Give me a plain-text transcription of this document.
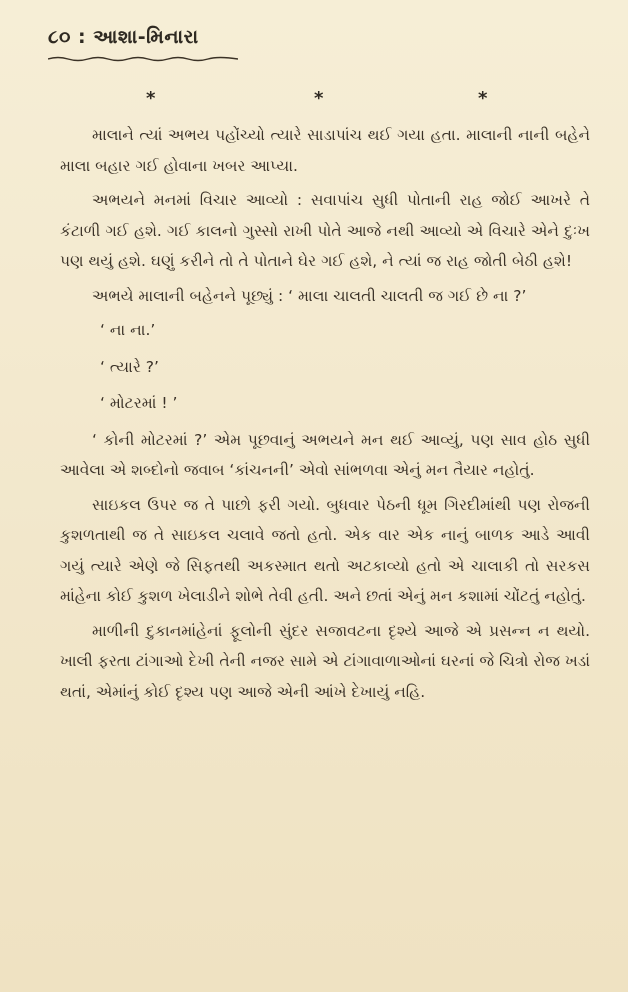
૮૦ : આશા-મિનારા
*	*	*

માલાને ત્યાં અભય પહોંચ્યો ત્યારે સાડાપાંચ થઈ ગયા હતા. માલાની નાની બહેને માલા બહાર ગઈ હોવાના ખબર આપ્યા.

અભયને મનમાં વિચાર આવ્યો : સવાપાંચ સુધી પોતાની રાહ જોઈ આખરે તે કંટાળી ગઈ હશે. ગઈ કાલનો ગુસ્સો રાખી પોતે આજે નથી આવ્યો એ વિચારે એને દુઃખ પણ થયું હશે. ઘણું કરીને તો તે પોતાને ઘેર ગઈ હશે, ને ત્યાં જ રાહ જોતી બેઠી હશે!

અભયે માલાની બહેનને પૂછ્યું : ‘ માલા ચાલતી ચાલતી જ ગઈ છે ના ?’

‘ ના ના.’

‘ ત્યારે ?’

‘ મોટરમાં ! ’

‘ કોની મોટરમાં ?’ એમ પૂછવાનું અભયને મન થઈ આવ્યું, પણ સાવ હોઠ સુધી આવેલા એ શબ્દોનો જવાબ ‘કાંચનની’ એવો સાંભળવા એનું મન તૈયાર નહોતું.

સાઇકલ ઉપર જ તે પાછો ફરી ગયો. બુધવાર પેઠની ધૂમ ગિરદીમાંથી પણ રોજની કુશળતાથી જ તે સાઇકલ ચલાવે જતો હતો. એક વાર એક નાનું બાળક આડે આવી ગયું ત્યારે એણે જે સિફતથી અકસ્માત થતો અટકાવ્યો હતો એ ચાલાકી તો સરકસ માંહેના કોઈ કુશળ ખેલાડીને શોભે તેવી હતી. અને છતાં એનું મન કશામાં ચોંટતું નહોતું.

માળીની દુકાનમાંહેનાં ફૂલોની સુંદર સજાવટના દૃશ્યે આજે એ પ્રસન્ન ન થયો. ખાલી ફરતા ટાંગાઓ દેખી તેની નજર સામે એ ટાંગાવાળાઓનાં ઘરનાં જે ચિત્રો રોજ ખડાં થતાં, એમાંનું કોઈ દૃશ્ય પણ આજે એની આંખે દેખાયું નહિ.
